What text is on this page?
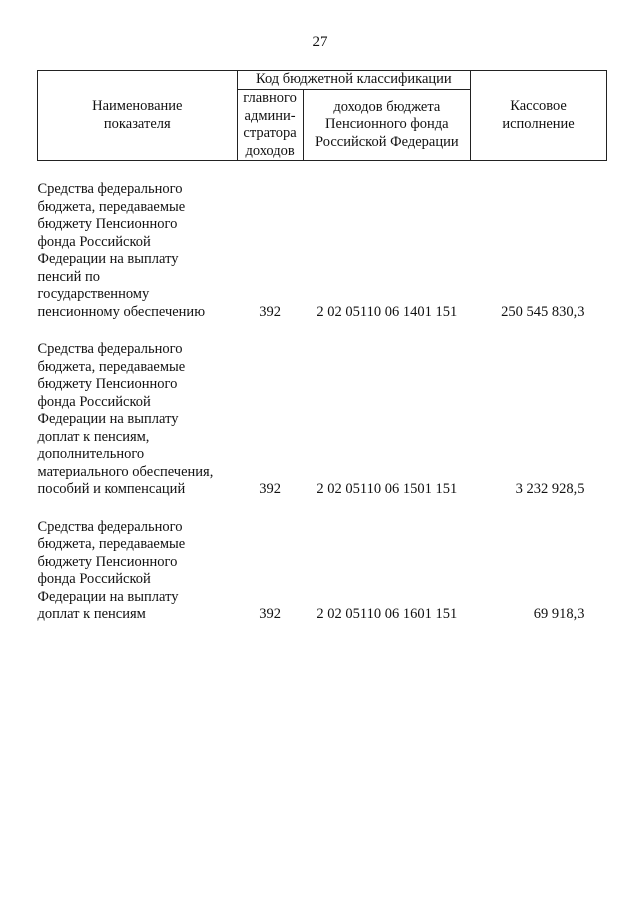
27
Наименование показателя	Код бюджетной классификации		Кассовое исполнение
	главного админи-стратора доходов	доходов бюджета Пенсионного фонда Российской Федерации	

Средства федерального бюджета, передаваемые бюджету Пенсионного фонда Российской Федерации на выплату пенсий по государственному пенсионному обеспечению	392	2 02 05110 06 1401 151	250 545 830,3

Средства федерального бюджета, передаваемые бюджету Пенсионного фонда Российской Федерации на выплату доплат к пенсиям, дополнительного материального обеспечения, пособий и компенсаций	392	2 02 05110 06 1501 151	3 232 928,5

Средства федерального бюджета, передаваемые бюджету Пенсионного фонда Российской Федерации на выплату доплат к пенсиям	392	2 02 05110 06 1601 151	69 918,3
